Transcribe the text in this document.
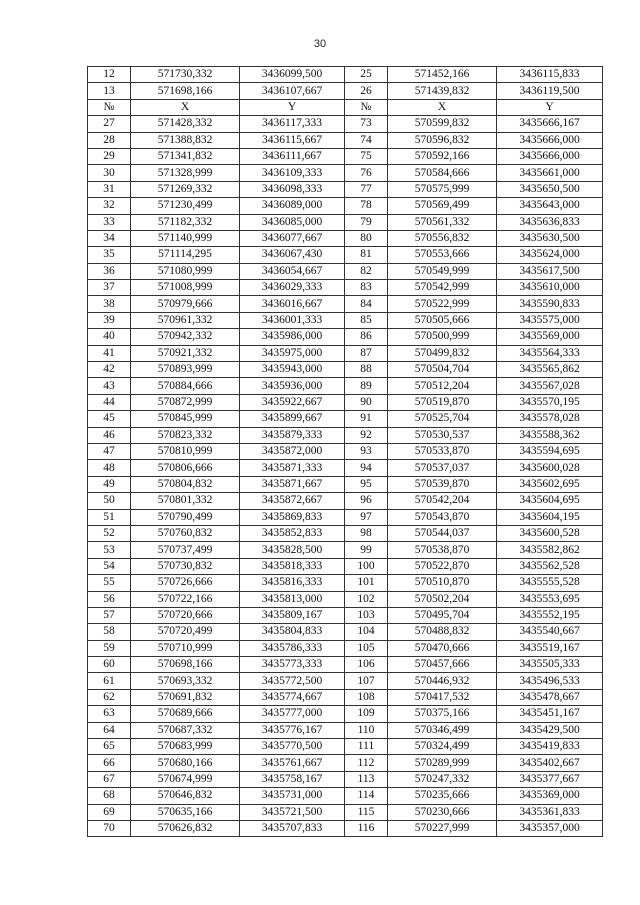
30
12	571730,332	3436099,500	25	571452,166	3436115,833
13	571698,166	3436107,667	26	571439,832	3436119,500
№	X	Y	№	X	Y
27	571428,332	3436117,333	73	570599,832	3435666,167
28	571388,832	3436115,667	74	570596,832	3435666,000
29	571341,832	3436111,667	75	570592,166	3435666,000
30	571328,999	3436109,333	76	570584,666	3435661,000
31	571269,332	3436098,333	77	570575,999	3435650,500
32	571230,499	3436089,000	78	570569,499	3435643,000
33	571182,332	3436085,000	79	570561,332	3435636,833
34	571140,999	3436077,667	80	570556,832	3435630,500
35	571114,295	3436067,430	81	570553,666	3435624,000
36	571080,999	3436054,667	82	570549,999	3435617,500
37	571008,999	3436029,333	83	570542,999	3435610,000
38	570979,666	3436016,667	84	570522,999	3435590,833
39	570961,332	3436001,333	85	570505,666	3435575,000
40	570942,332	3435986,000	86	570500,999	3435569,000
41	570921,332	3435975,000	87	570499,832	3435564,333
42	570893,999	3435943,000	88	570504,704	3435565,862
43	570884,666	3435936,000	89	570512,204	3435567,028
44	570872,999	3435922,667	90	570519,870	3435570,195
45	570845,999	3435899,667	91	570525,704	3435578,028
46	570823,332	3435879,333	92	570530,537	3435588,362
47	570810,999	3435872,000	93	570533,870	3435594,695
48	570806,666	3435871,333	94	570537,037	3435600,028
49	570804,832	3435871,667	95	570539,870	3435602,695
50	570801,332	3435872,667	96	570542,204	3435604,695
51	570790,499	3435869,833	97	570543,870	3435604,195
52	570760,832	3435852,833	98	570544,037	3435600,528
53	570737,499	3435828,500	99	570538,870	3435582,862
54	570730,832	3435818,333	100	570522,870	3435562,528
55	570726,666	3435816,333	101	570510,870	3435555,528
56	570722,166	3435813,000	102	570502,204	3435553,695
57	570720,666	3435809,167	103	570495,704	3435552,195
58	570720,499	3435804,833	104	570488,832	3435540,667
59	570710,999	3435786,333	105	570470,666	3435519,167
60	570698,166	3435773,333	106	570457,666	3435505,333
61	570693,332	3435772,500	107	570446,932	3435496,533
62	570691,832	3435774,667	108	570417,532	3435478,667
63	570689,666	3435777,000	109	570375,166	3435451,167
64	570687,332	3435776,167	110	570346,499	3435429,500
65	570683,999	3435770,500	111	570324,499	3435419,833
66	570680,166	3435761,667	112	570289,999	3435402,667
67	570674,999	3435758,167	113	570247,332	3435377,667
68	570646,832	3435731,000	114	570235,666	3435369,000
69	570635,166	3435721,500	115	570230,666	3435361,833
70	570626,832	3435707,833	116	570227,999	3435357,000
